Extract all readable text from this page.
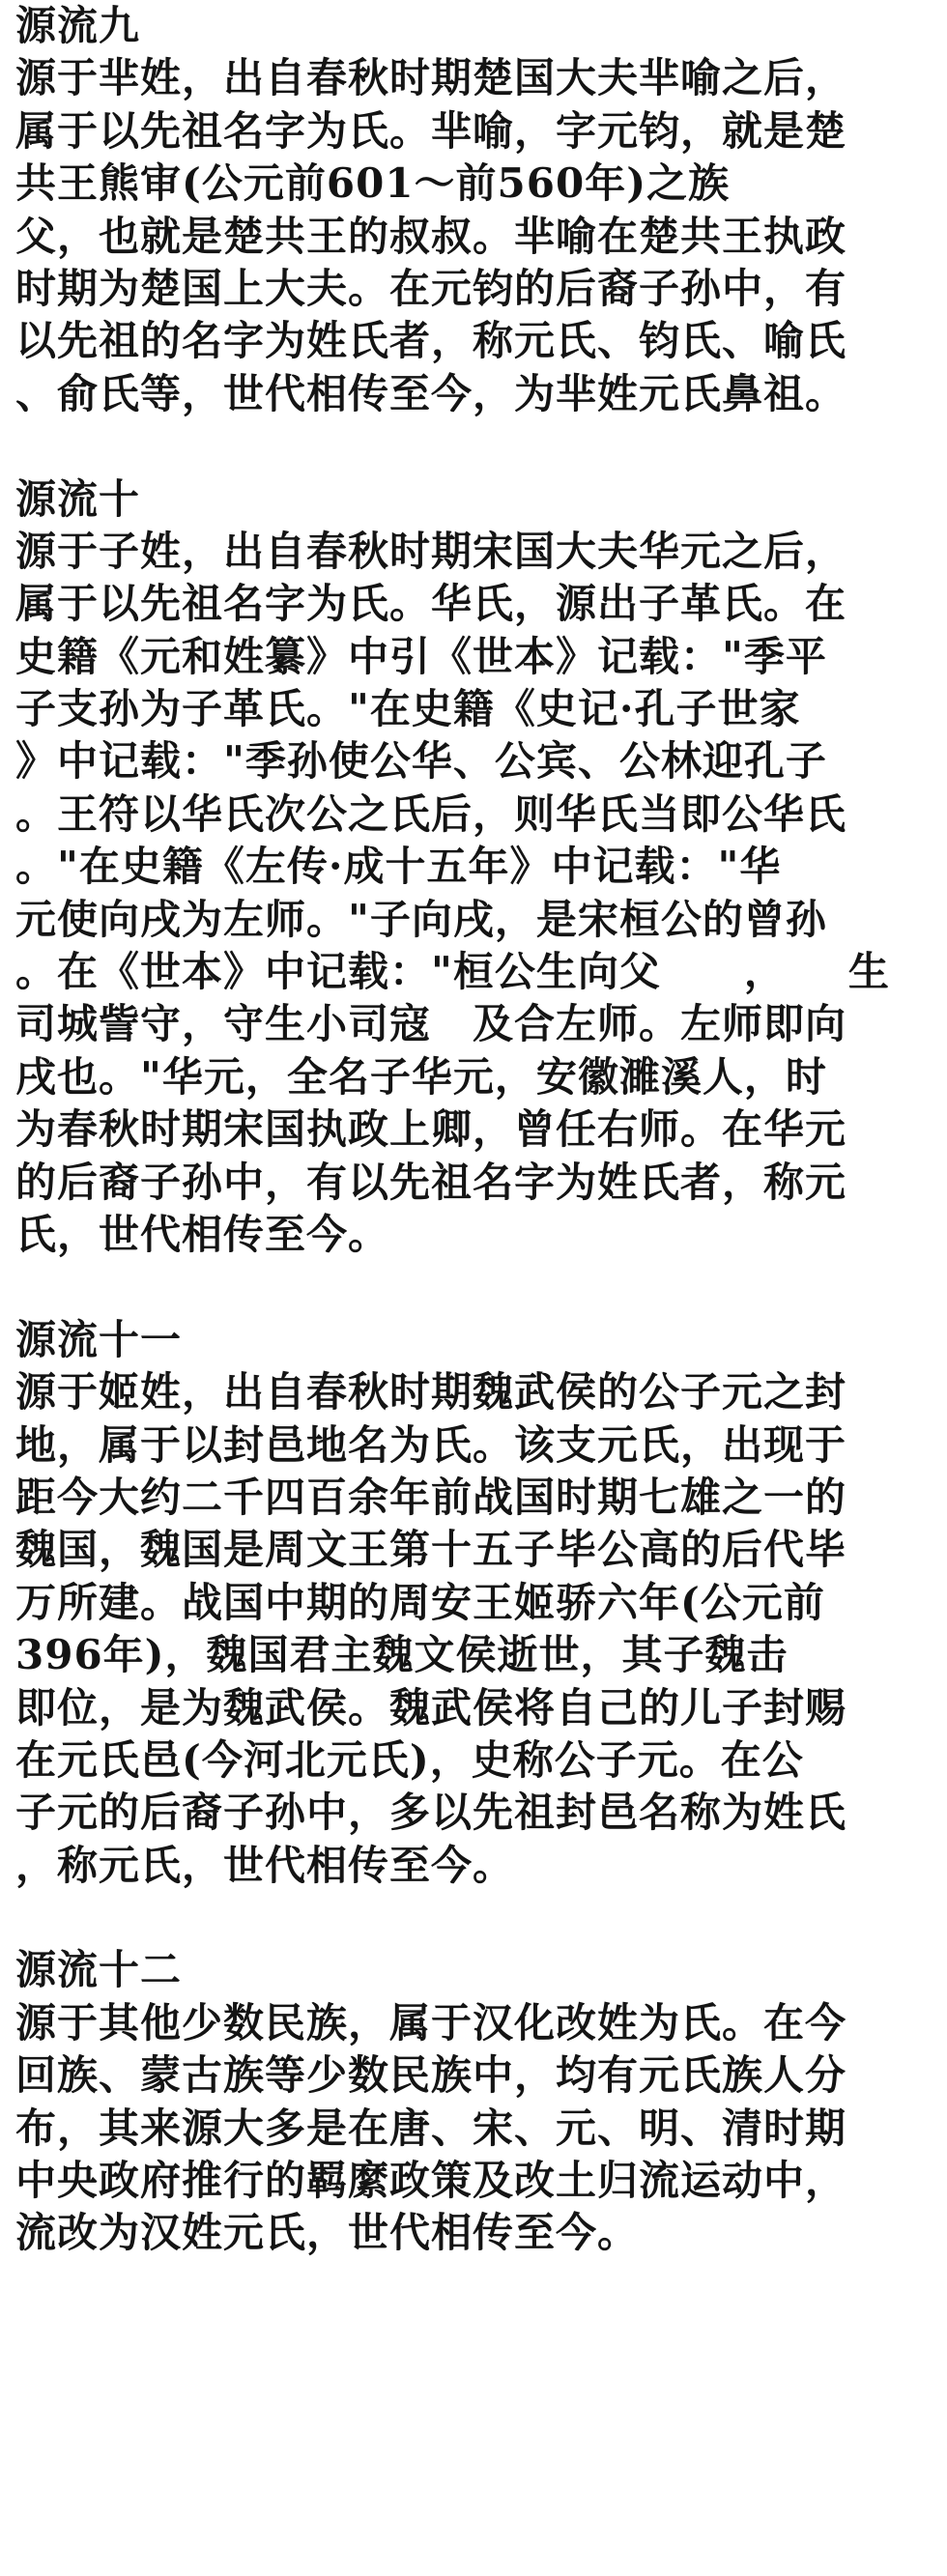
源流九
源于芈姓，出自春秋时期楚国大夫芈喻之后，
属于以先祖名字为氏。芈喻，字元钧，就是楚
共王熊审(公元前601～前560年)之族
父，也就是楚共王的叔叔。芈喻在楚共王执政
时期为楚国上大夫。在元钧的后裔子孙中，有
以先祖的名字为姓氏者，称元氏、钧氏、喻氏
、俞氏等，世代相传至今，为芈姓元氏鼻祖。
源流十
源于子姓，出自春秋时期宋国大夫华元之后，
属于以先祖名字为氏。华氏，源出子革氏。在
史籍《元和姓纂》中引《世本》记载："季平
子支孙为子革氏。"在史籍《史记·孔子世家
》中记载："季孙使公华、公宾、公林迎孔子
。王符以华氏次公之氏后，则华氏当即公华氏
。"在史籍《左传·成十五年》中记载："华
元使向戌为左师。"子向戌，是宋桓公的曾孙
。在《世本》中记载："桓公生向父　　，　　生
司城訾守，守生小司寇　及合左师。左师即向
戌也。"华元，全名子华元，安徽濉溪人，时
为春秋时期宋国执政上卿，曾任右师。在华元
的后裔子孙中，有以先祖名字为姓氏者，称元
氏，世代相传至今。
源流十一
源于姬姓，出自春秋时期魏武侯的公子元之封
地，属于以封邑地名为氏。该支元氏，出现于
距今大约二千四百余年前战国时期七雄之一的
魏国，魏国是周文王第十五子毕公高的后代毕
万所建。战国中期的周安王姬骄六年(公元前
396年)，魏国君主魏文侯逝世，其子魏击
即位，是为魏武侯。魏武侯将自己的儿子封赐
在元氏邑(今河北元氏)，史称公子元。在公
子元的后裔子孙中，多以先祖封邑名称为姓氏
，称元氏，世代相传至今。
源流十二
源于其他少数民族，属于汉化改姓为氏。在今
回族、蒙古族等少数民族中，均有元氏族人分
布，其来源大多是在唐、宋、元、明、清时期
中央政府推行的羁縻政策及改土归流运动中，
流改为汉姓元氏，世代相传至今。
